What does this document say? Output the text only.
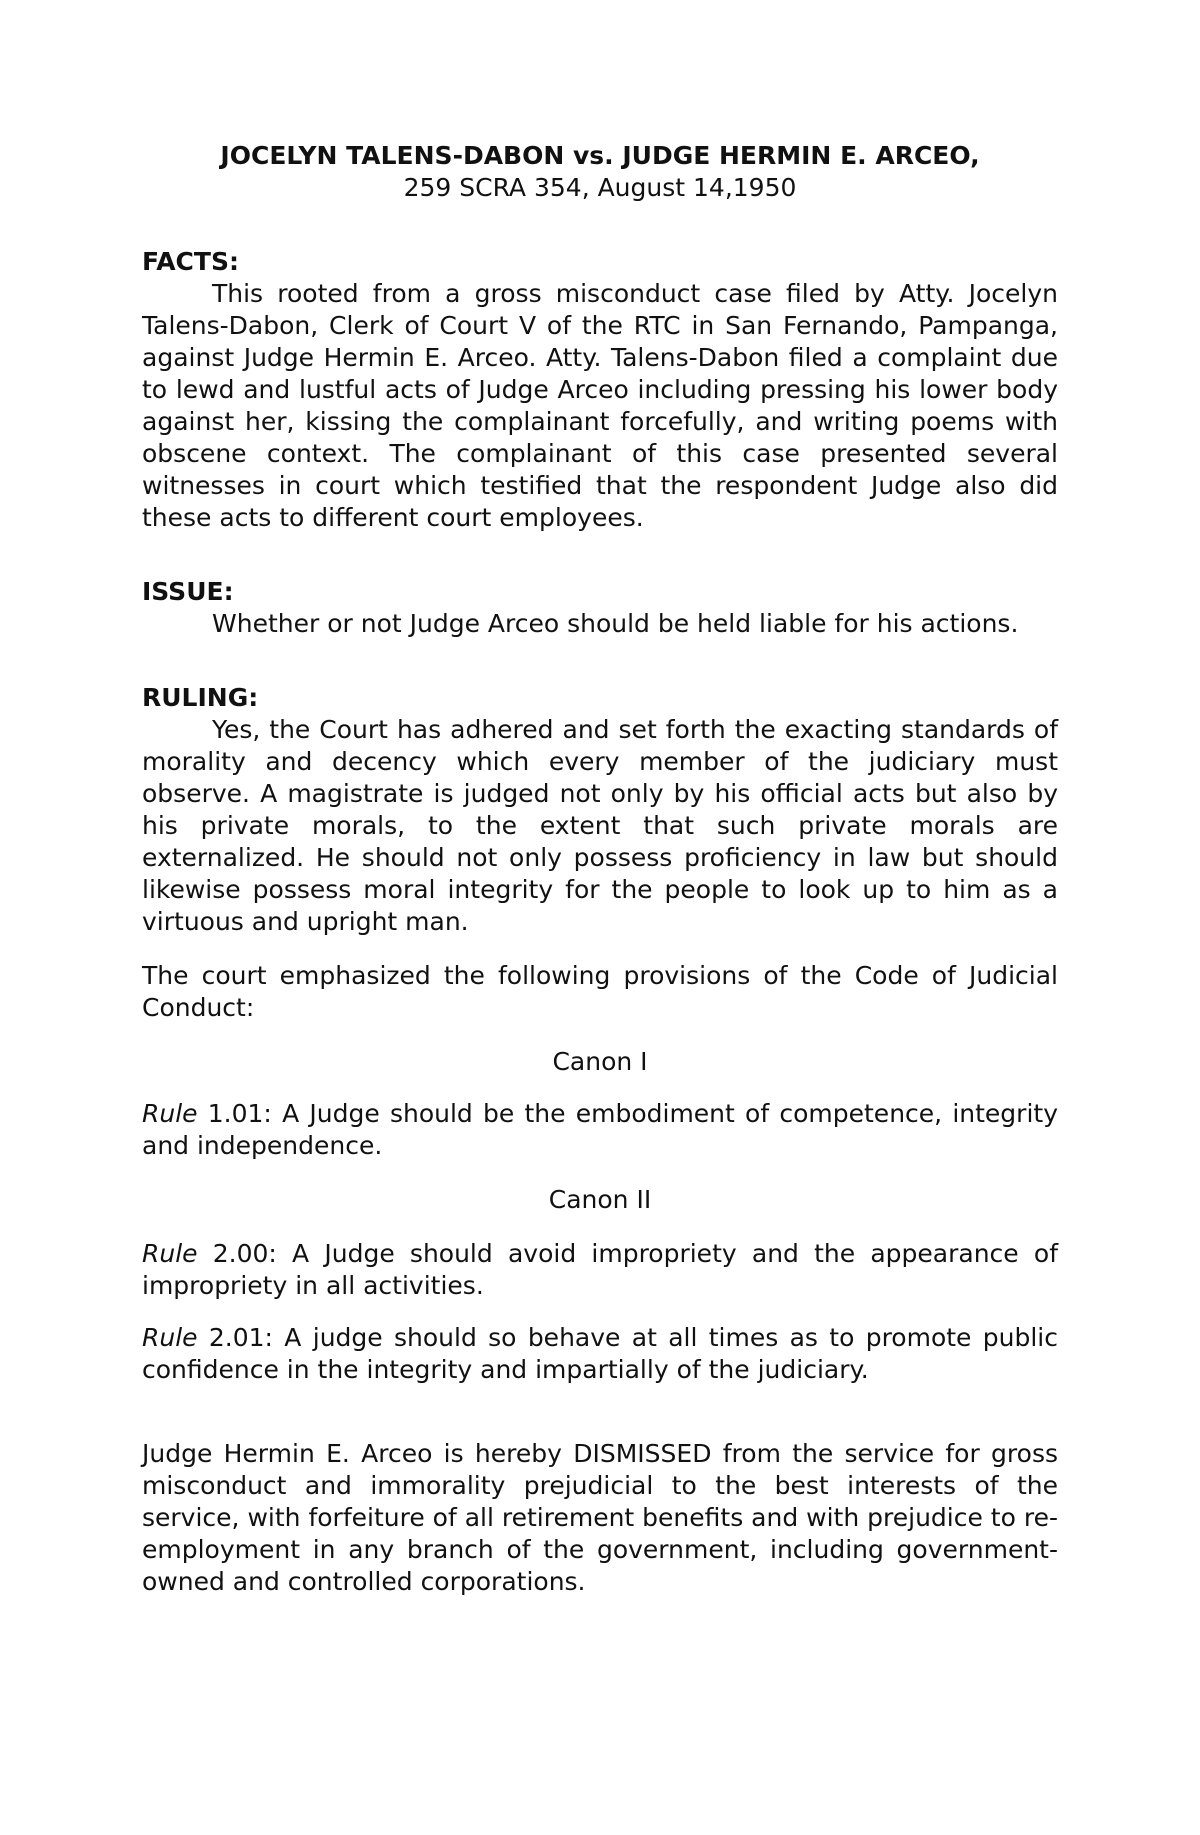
JOCELYN TALENS-DABON vs. JUDGE HERMIN E. ARCEO,

259 SCRA 354, August 14,1950

FACTS:

This rooted from a gross misconduct case filed by Atty. Jocelyn Talens-Dabon, Clerk of Court V of the RTC in San Fernando, Pampanga, against Judge Hermin E. Arceo. Atty. Talens-Dabon filed a complaint due to lewd and lustful acts of Judge Arceo including pressing his lower body against her, kissing the complainant forcefully, and writing poems with obscene context. The complainant of this case presented several witnesses in court which testified that the respondent Judge also did these acts to different court employees.

ISSUE:

Whether or not Judge Arceo should be held liable for his actions.

RULING:

Yes, the Court has adhered and set forth the exacting standards of morality and decency which every member of the judiciary must observe. A magistrate is judged not only by his official acts but also by his private morals, to the extent that such private morals are externalized. He should not only possess proficiency in law but should likewise possess moral integrity for the people to look up to him as a virtuous and upright man.

The court emphasized the following provisions of the Code of Judicial Conduct:

Canon I

Rule 1.01: A Judge should be the embodiment of competence, integrity and independence.

Canon II

Rule 2.00: A Judge should avoid impropriety and the appearance of impropriety in all activities.

Rule 2.01: A judge should so behave at all times as to promote public confidence in the integrity and impartially of the judiciary.

Judge Hermin E. Arceo is hereby DISMISSED from the service for gross misconduct and immorality prejudicial to the best interests of the service, with forfeiture of all retirement benefits and with prejudice to re-employment in any branch of the government, including government-owned and controlled corporations.
